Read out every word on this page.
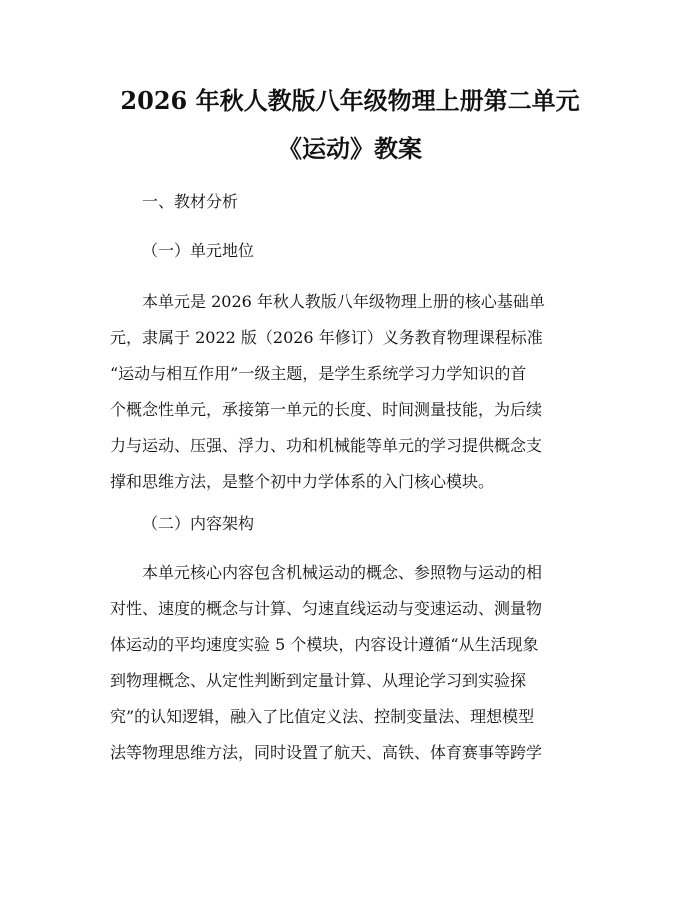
2026 年秋人教版八年级物理上册第二单元
《运动》教案
一、教材分析
（一）单元地位
本单元是 2026 年秋人教版八年级物理上册的核心基础单
元，隶属于 2022 版（2026 年修订）义务教育物理课程标准
“运动与相互作用”一级主题，是学生系统学习力学知识的首
个概念性单元，承接第一单元的长度、时间测量技能，为后续
力与运动、压强、浮力、功和机械能等单元的学习提供概念支
撑和思维方法，是整个初中力学体系的入门核心模块。
（二）内容架构
本单元核心内容包含机械运动的概念、参照物与运动的相
对性、速度的概念与计算、匀速直线运动与变速运动、测量物
体运动的平均速度实验 5 个模块，内容设计遵循“从生活现象
到物理概念、从定性判断到定量计算、从理论学习到实验探
究”的认知逻辑，融入了比值定义法、控制变量法、理想模型
法等物理思维方法，同时设置了航天、高铁、体育赛事等跨学
